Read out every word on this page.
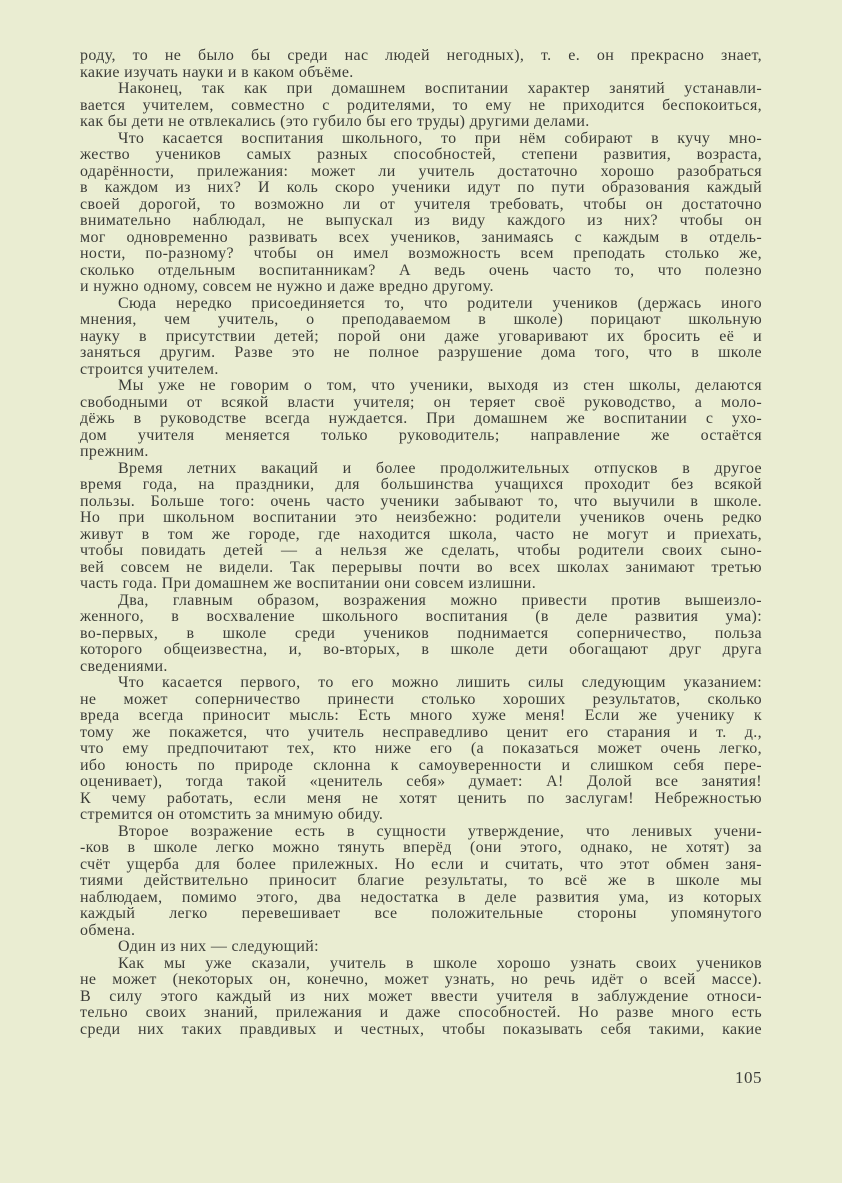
роду, то не было бы среди нас людей негодных), т. е. он прекрасно знает,
какие изучать науки и в каком объёме.
Наконец, так как при домашнем воспитании характер занятий устанавли-
вается учителем, совместно с родителями, то ему не приходится беспокоиться,
как бы дети не отвлекались (это губило бы его труды) другими делами.
Что касается воспитания школьного, то при нём собирают в кучу мно-
жество учеников самых разных способностей, степени развития, возраста,
одарённости, прилежания: может ли учитель достаточно хорошо разобраться
в каждом из них? И коль скоро ученики идут по пути образования каждый
своей дорогой, то возможно ли от учителя требовать, чтобы он достаточно
внимательно наблюдал, не выпускал из виду каждого из них? чтобы он
мог одновременно развивать всех учеников, занимаясь с каждым в отдель-
ности, по-разному? чтобы он имел возможность всем преподать столько же,
сколько отдельным воспитанникам? А ведь очень часто то, что полезно
и нужно одному, совсем не нужно и даже вредно другому.
Сюда нередко присоединяется то, что родители учеников (держась иного
мнения, чем учитель, о преподаваемом в школе) порицают школьную
науку в присутствии детей; порой они даже уговаривают их бросить её и
заняться другим. Разве это не полное разрушение дома того, что в школе
строится учителем.
Мы уже не говорим о том, что ученики, выходя из стен школы, делаются
свободными от всякой власти учителя; он теряет своё руководство, а моло-
дёжь в руководстве всегда нуждается. При домашнем же воспитании с ухо-
дом учителя меняется только руководитель; направление же остаётся
прежним.
Время летних вакаций и более продолжительных отпусков в другое
время года, на праздники, для большинства учащихся проходит без всякой
пользы. Больше того: очень часто ученики забывают то, что выучили в школе.
Но при школьном воспитании это неизбежно: родители учеников очень редко
живут в том же городе, где находится школа, часто не могут и приехать,
чтобы повидать детей — а нельзя же сделать, чтобы родители своих сыно-
вей совсем не видели. Так перерывы почти во всех школах занимают третью
часть года. При домашнем же воспитании они совсем излишни.
Два, главным образом, возражения можно привести против вышеизло-
женного, в восхваление школьного воспитания (в деле развития ума):
во-первых, в школе среди учеников поднимается соперничество, польза
которого общеизвестна, и, во-вторых, в школе дети обогащают друг друга
сведениями.
Что касается первого, то его можно лишить силы следующим указанием:
не может соперничество принести столько хороших результатов, сколько
вреда всегда приносит мысль: Есть много хуже меня! Если же ученику к
тому же покажется, что учитель несправедливо ценит его старания и т. д.,
что ему предпочитают тех, кто ниже его (а показаться может очень легко,
ибо юность по природе склонна к самоуверенности и слишком себя пере-
оценивает), тогда такой «ценитель себя» думает: А! Долой все занятия!
К чему работать, если меня не хотят ценить по заслугам! Небрежностью
стремится он отомстить за мнимую обиду.
Второе возражение есть в сущности утверждение, что ленивых учени-
-ков в школе легко можно тянуть вперёд (они этого, однако, не хотят) за
счёт ущерба для более прилежных. Но если и считать, что этот обмен заня-
тиями действительно приносит благие результаты, то всё же в школе мы
наблюдаем, помимо этого, два недостатка в деле развития ума, из которых
каждый легко перевешивает все положительные стороны упомянутого
обмена.
Один из них — следующий:
Как мы уже сказали, учитель в школе хорошо узнать своих учеников
не может (некоторых он, конечно, может узнать, но речь идёт о всей массе).
В силу этого каждый из них может ввести учителя в заблуждение относи-
тельно своих знаний, прилежания и даже способностей. Но разве много есть
среди них таких правдивых и честных, чтобы показывать себя такими, какие
105
